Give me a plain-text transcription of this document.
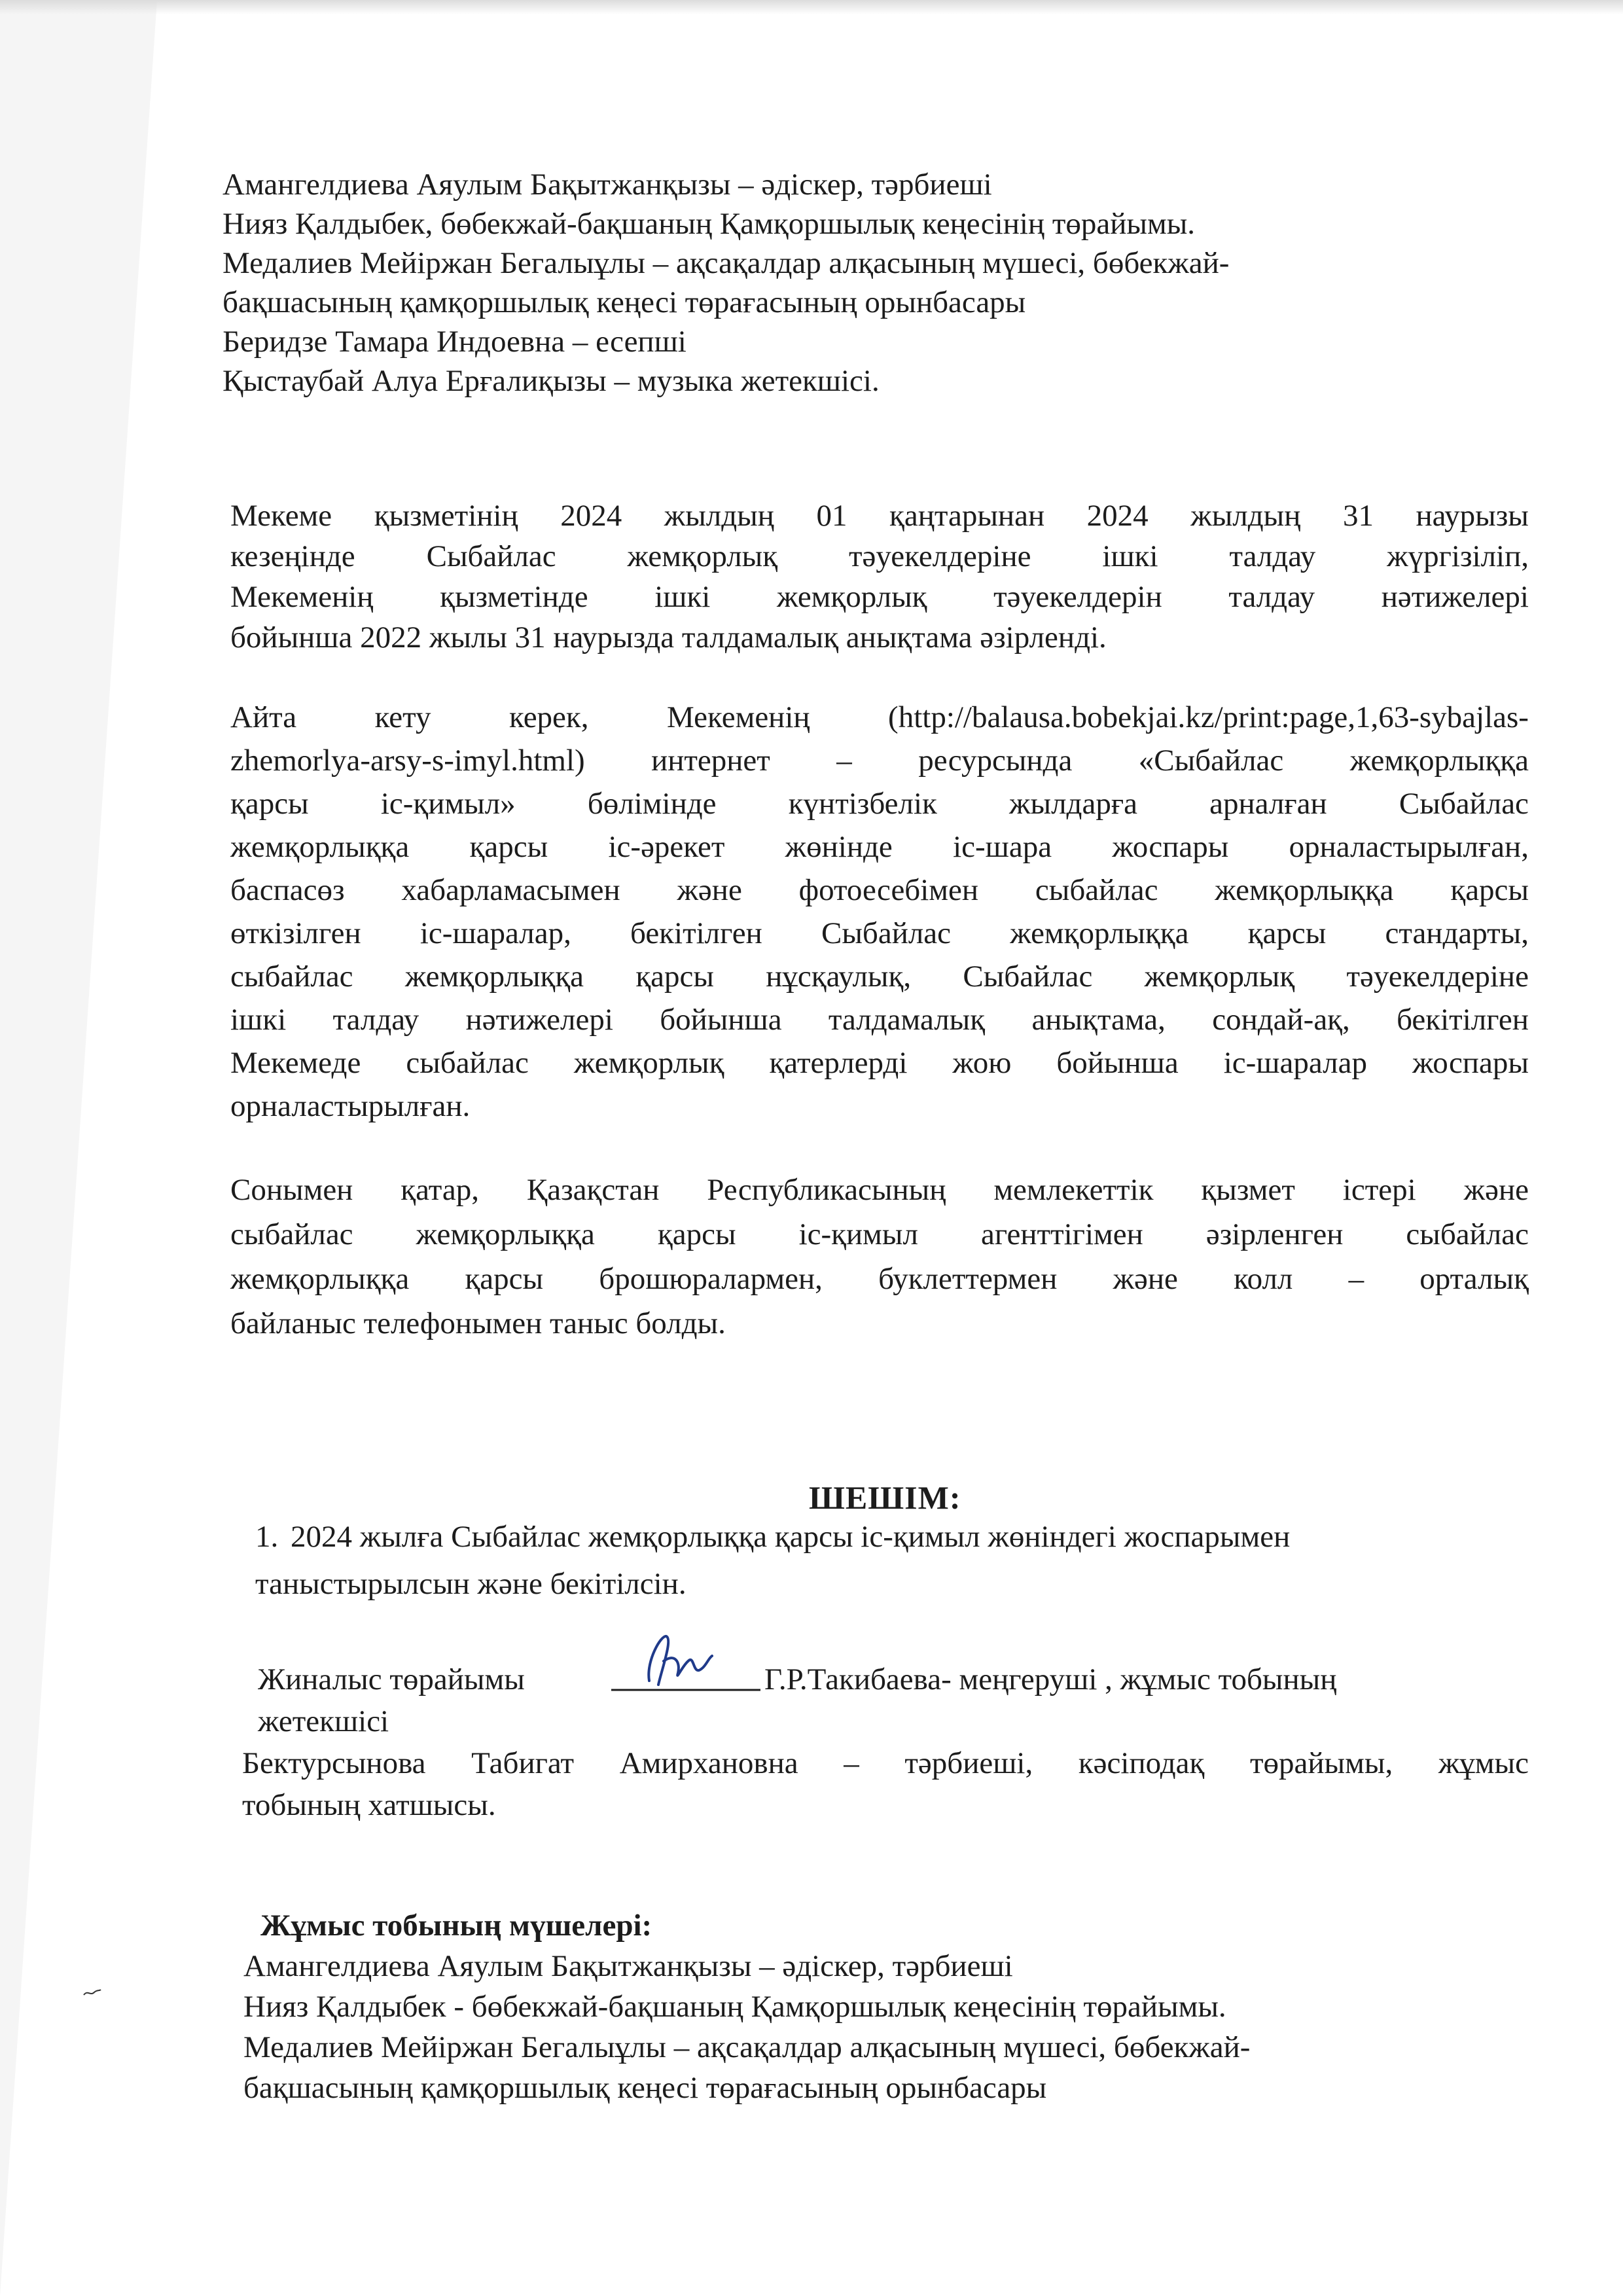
Амангелдиева Аяулым Бақытжанқызы – әдіскер, тәрбиеші
Нияз Қалдыбек, бөбекжай-бақшаның Қамқоршылық кеңесінің төрайымы.
Медалиев Мейіржан Бегалыұлы – ақсақалдар алқасының мүшесі, бөбекжай-
бақшасының қамқоршылық кеңесі төрағасының орынбасары
Беридзе Тамара Индоевна – есепші
Қыстаубай Алуа Ерғалиқызы – музыка жетекшісі.
Мекеме қызметінің 2024 жылдың 01 қаңтарынан 2024 жылдың 31 наурызы
кезеңінде Сыбайлас жемқорлық тәуекелдеріне ішкі талдау жүргізіліп,
Мекеменің қызметінде ішкі жемқорлық тәуекелдерін талдау нәтижелері
бойынша 2022 жылы 31 наурызда талдамалық анықтама әзірленді.
Айта	кету	керек,	Мекеменің	(http://balausa.bobekjai.kz/print:page,1,63-sybajlas-
zhemorlya-arsy-s-imyl.html) интернет – ресурсында «Сыбайлас жемқорлыққа
қарсы іс-қимыл» бөлімінде күнтізбелік жылдарға арналған Сыбайлас
жемқорлыққа қарсы іс-әрекет жөнінде іс-шара жоспары орналастырылған,
баспасөз хабарламасымен және фотоесебімен сыбайлас жемқорлыққа қарсы
өткізілген іс-шаралар, бекітілген Сыбайлас жемқорлыққа қарсы стандарты,
сыбайлас жемқорлыққа қарсы нұсқаулық, Сыбайлас жемқорлық тәуекелдеріне
ішкі талдау нәтижелері бойынша талдамалық анықтама, сондай-ақ, бекітілген
Мекемеде сыбайлас жемқорлық қатерлерді жою бойынша іс-шаралар жоспары
орналастырылған.
Сонымен қатар, Қазақстан Республикасының мемлекеттік қызмет істері және
сыбайлас жемқорлыққа қарсы іс-қимыл агенттігімен әзірленген сыбайлас
жемқорлыққа қарсы брошюралармен, буклеттермен және колл – орталық
байланыс телефонымен таныс болды.
ШЕШІМ:
1. 2024 жылға Сыбайлас жемқорлыққа қарсы іс-қимыл жөніндегі жоспарымен
таныстырылсын және бекітілсін.
Жиналыс төрайымы	Г.Р.Такибаева- меңгеруші , жұмыс тобының
жетекшісі
Бектурсынова Табигат Амирхановна – тәрбиеші, кәсіподақ төрайымы, жұмыс
тобының хатшысы.
Жұмыс тобының мүшелері:
Амангелдиева Аяулым Бақытжанқызы – әдіскер, тәрбиеші
Нияз Қалдыбек - бөбекжай-бақшаның Қамқоршылық кеңесінің төрайымы.
Медалиев Мейіржан Бегалыұлы – ақсақалдар алқасының мүшесі, бөбекжай-
бақшасының қамқоршылық кеңесі төрағасының орынбасары
